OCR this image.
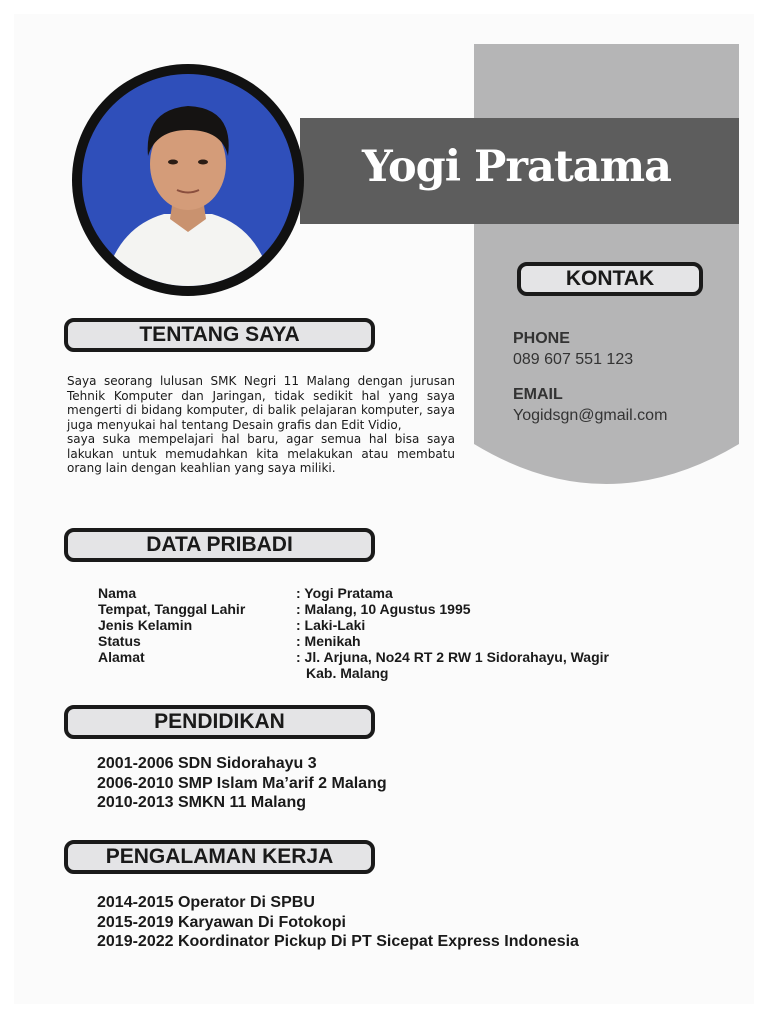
Yogi Pratama
KONTAK
PHONE
089 607 551 123
EMAIL
Yogidsgn@gmail.com
TENTANG SAYA

Saya seorang lulusan SMK Negri 11 Malang dengan jurusan Tehnik Komputer dan Jaringan, tidak sedikit hal yang saya mengerti di bidang komputer, di balik pelajaran komputer, saya juga menyukai hal tentang Desain grafis dan Edit Vidio,

saya suka mempelajari hal baru, agar semua hal bisa saya lakukan untuk memudahkan kita melakukan atau membatu orang lain dengan keahlian yang saya miliki.

DATA PRIBADI
Nama	: Yogi Pratama
Tempat, Tanggal Lahir	: Malang, 10 Agustus 1995
Jenis Kelamin	: Laki-Laki
Status	: Menikah
Alamat	: Jl. Arjuna, No24 RT 2 RW 1 Sidorahayu, Wagir
Kab. Malang
PENDIDIKAN
2001-2006 SDN Sidorahayu 3
2006-2010 SMP Islam Ma’arif 2 Malang
2010-2013 SMKN 11 Malang
PENGALAMAN KERJA
2014-2015 Operator Di SPBU
2015-2019 Karyawan Di Fotokopi
2019-2022 Koordinator Pickup Di PT Sicepat Express Indonesia
